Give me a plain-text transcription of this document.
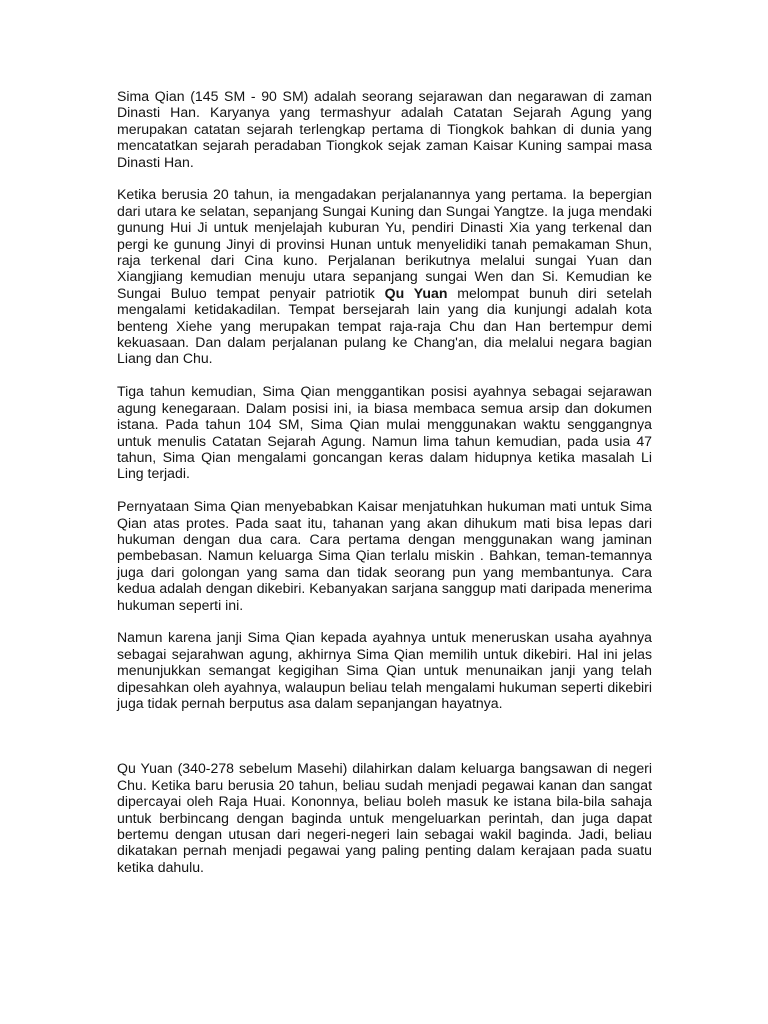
Sima Qian (145 SM - 90 SM) adalah seorang sejarawan dan negarawan di zaman Dinasti Han. Karyanya yang termashyur adalah Catatan Sejarah Agung yang merupakan catatan sejarah terlengkap pertama di Tiongkok bahkan di dunia yang mencatatkan sejarah peradaban Tiongkok sejak zaman Kaisar Kuning sampai masa Dinasti Han.

Ketika berusia 20 tahun, ia mengadakan perjalanannya yang pertama. Ia bepergian dari utara ke selatan, sepanjang Sungai Kuning dan Sungai Yangtze. Ia juga mendaki gunung Hui Ji untuk menjelajah kuburan Yu, pendiri Dinasti Xia yang terkenal dan pergi ke gunung Jinyi di provinsi Hunan untuk menyelidiki tanah pemakaman Shun, raja terkenal dari Cina kuno. Perjalanan berikutnya melalui sungai Yuan dan Xiangjiang kemudian menuju utara sepanjang sungai Wen dan Si. Kemudian ke Sungai Buluo tempat penyair patriotik Qu Yuan melompat bunuh diri setelah mengalami ketidakadilan. Tempat bersejarah lain yang dia kunjungi adalah kota benteng Xiehe yang merupakan tempat raja-raja Chu dan Han bertempur demi kekuasaan. Dan dalam perjalanan pulang ke Chang'an, dia melalui negara bagian Liang dan Chu.

Tiga tahun kemudian, Sima Qian menggantikan posisi ayahnya sebagai sejarawan agung kenegaraan. Dalam posisi ini, ia biasa membaca semua arsip dan dokumen istana. Pada tahun 104 SM, Sima Qian mulai menggunakan waktu senggangnya untuk menulis Catatan Sejarah Agung. Namun lima tahun kemudian, pada usia 47 tahun, Sima Qian mengalami goncangan keras dalam hidupnya ketika masalah Li Ling terjadi.

Pernyataan Sima Qian menyebabkan Kaisar menjatuhkan hukuman mati untuk Sima Qian atas protes. Pada saat itu, tahanan yang akan dihukum mati bisa lepas dari hukuman dengan dua cara. Cara pertama dengan menggunakan wang jaminan pembebasan. Namun keluarga Sima Qian terlalu miskin . Bahkan, teman-temannya juga dari golongan yang sama dan tidak seorang pun yang membantunya. Cara kedua adalah dengan dikebiri. Kebanyakan sarjana sanggup mati daripada menerima hukuman seperti ini.

Namun karena janji Sima Qian kepada ayahnya untuk meneruskan usaha ayahnya sebagai sejarahwan agung, akhirnya Sima Qian memilih untuk dikebiri. Hal ini jelas menunjukkan semangat kegigihan Sima Qian untuk menunaikan janji yang telah dipesahkan oleh ayahnya, walaupun beliau telah mengalami hukuman seperti dikebiri juga tidak pernah berputus asa dalam sepanjangan hayatnya.

Qu Yuan (340-278 sebelum Masehi) dilahirkan dalam keluarga bangsawan di negeri Chu. Ketika baru berusia 20 tahun, beliau sudah menjadi pegawai kanan dan sangat dipercayai oleh Raja Huai. Kononnya, beliau boleh masuk ke istana bila-bila sahaja untuk berbincang dengan baginda untuk mengeluarkan perintah, dan juga dapat bertemu dengan utusan dari negeri-negeri lain sebagai wakil baginda. Jadi, beliau dikatakan pernah menjadi pegawai yang paling penting dalam kerajaan pada suatu ketika dahulu.
